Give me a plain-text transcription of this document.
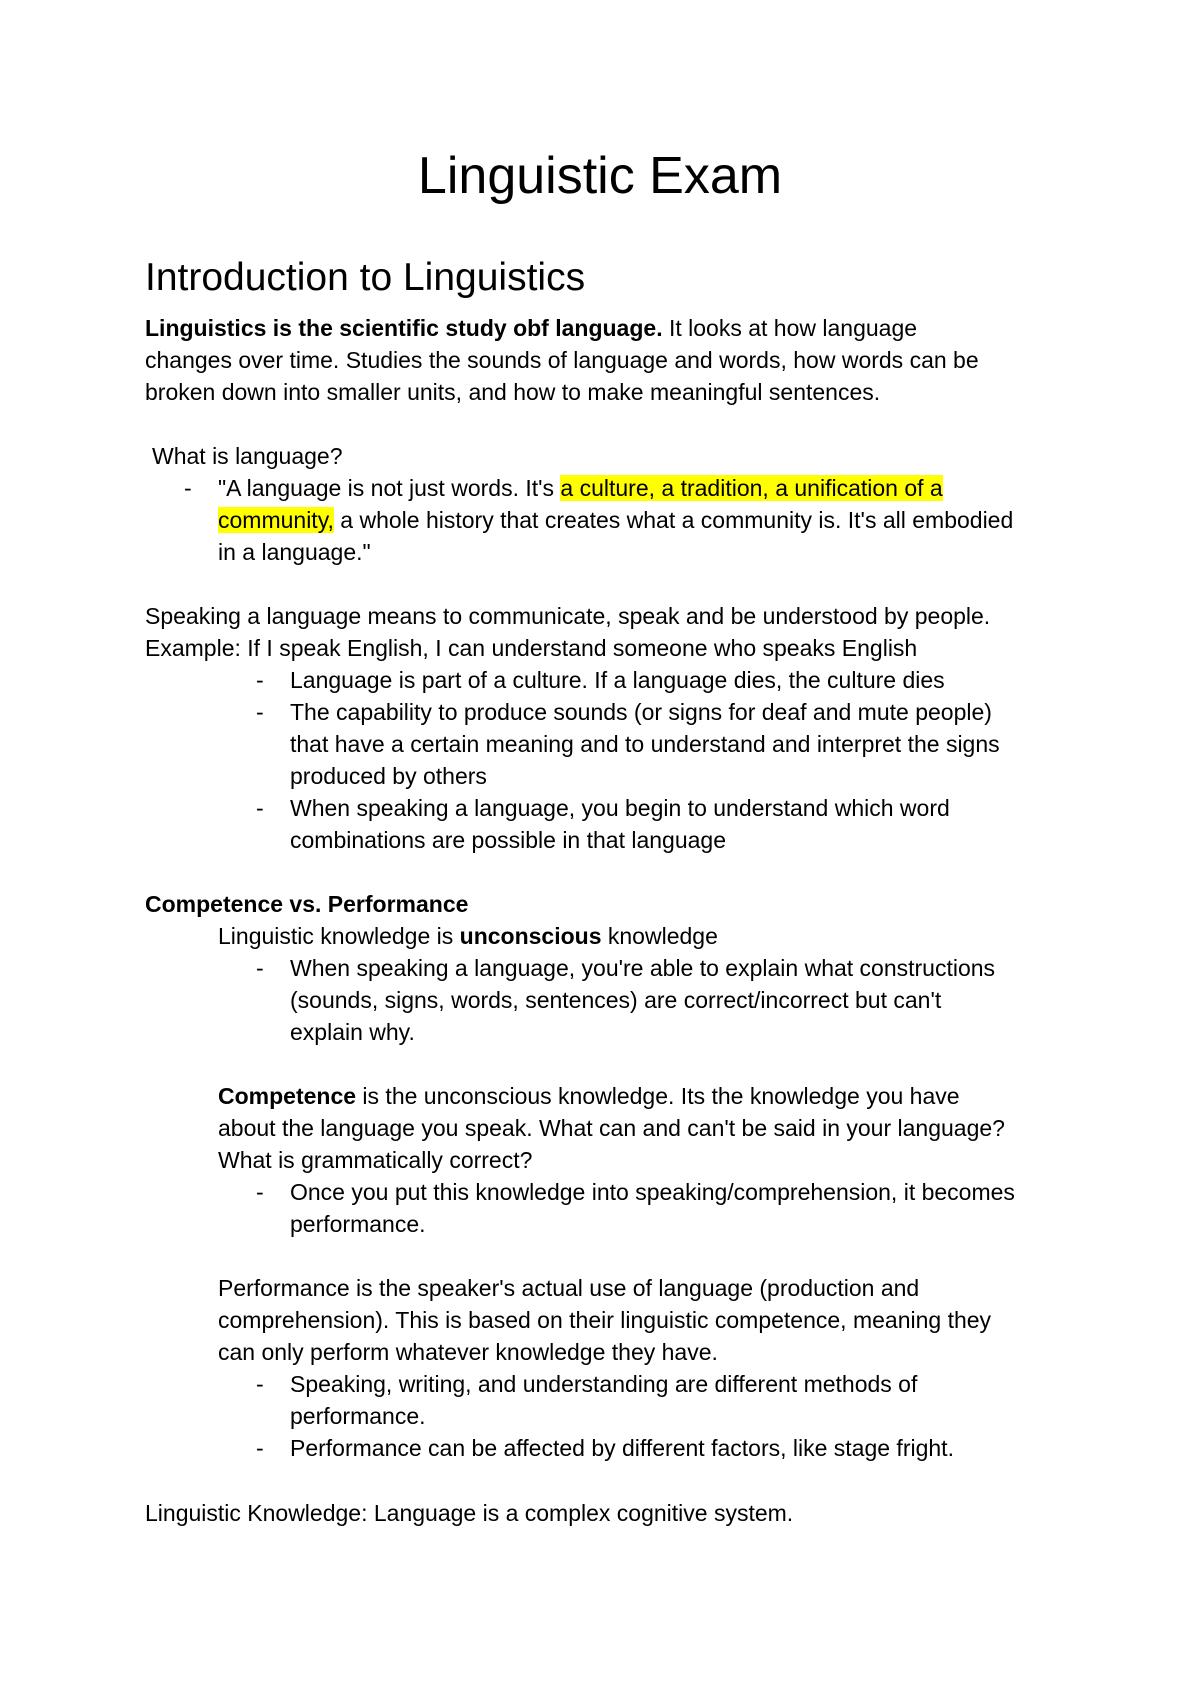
Linguistic Exam
Introduction to Linguistics
Linguistics is the scientific study obf language. It looks at how language
changes over time. Studies the sounds of language and words, how words can be
broken down into smaller units, and how to make meaningful sentences.
What is language?
- "A language is not just words. It's a culture, a tradition, a unification of a
community, a whole history that creates what a community is. It's all embodied
in a language."
Speaking a language means to communicate, speak and be understood by people.
Example: If I speak English, I can understand someone who speaks English
- Language is part of a culture. If a language dies, the culture dies
- The capability to produce sounds (or signs for deaf and mute people)
that have a certain meaning and to understand and interpret the signs
produced by others
- When speaking a language, you begin to understand which word
combinations are possible in that language
Competence vs. Performance
Linguistic knowledge is unconscious knowledge
- When speaking a language, you're able to explain what constructions
(sounds, signs, words, sentences) are correct/incorrect but can't
explain why.
Competence is the unconscious knowledge. Its the knowledge you have
about the language you speak. What can and can't be said in your language?
What is grammatically correct?
- Once you put this knowledge into speaking/comprehension, it becomes
performance.
Performance is the speaker's actual use of language (production and
comprehension). This is based on their linguistic competence, meaning they
can only perform whatever knowledge they have.
- Speaking, writing, and understanding are different methods of
performance.
- Performance can be affected by different factors, like stage fright.
Linguistic Knowledge: Language is a complex cognitive system.
